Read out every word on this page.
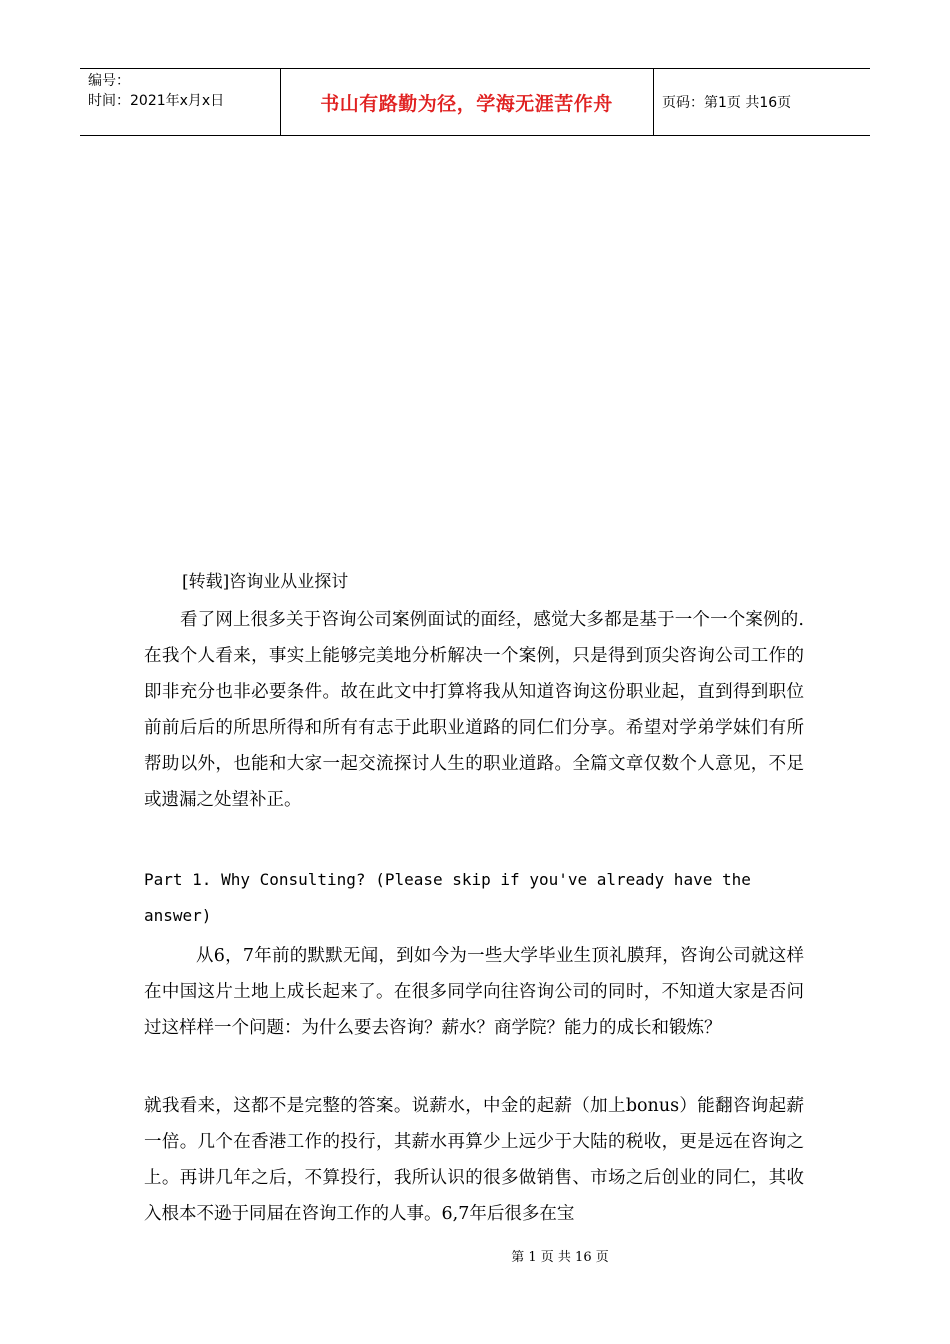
编号：
时间：2021年x月x日	书山有路勤为径，学海无涯苦作舟	页码：第1页 共16页
[转载]咨询业从业探讨

看了网上很多关于咨询公司案例面试的面经，感觉大多都是基于一个一个案例的.在我个人看来，事实上能够完美地分析解决一个案例，只是得到顶尖咨询公司工作的即非充分也非必要条件。故在此文中打算将我从知道咨询这份职业起，直到得到职位前前后后的所思所得和所有有志于此职业道路的同仁们分享。希望对学弟学妹们有所帮助以外，也能和大家一起交流探讨人生的职业道路。全篇文章仅数个人意见，不足或遗漏之处望补正。

Part 1. Why Consulting? (Please skip if you've already have the answer)

从6，7年前的默默无闻，到如今为一些大学毕业生顶礼膜拜，咨询公司就这样在中国这片土地上成长起来了。在很多同学向往咨询公司的同时，不知道大家是否问过这样样一个问题：为什么要去咨询？薪水？商学院？能力的成长和锻炼？

就我看来，这都不是完整的答案。说薪水，中金的起薪（加上bonus）能翻咨询起薪一倍。几个在香港工作的投行，其薪水再算少上远少于大陆的税收，更是远在咨询之上。再讲几年之后，不算投行，我所认识的很多做销售、市场之后创业的同仁，其收入根本不逊于同届在咨询工作的人事。6,7年后很多在宝

第 1 页 共 16 页
